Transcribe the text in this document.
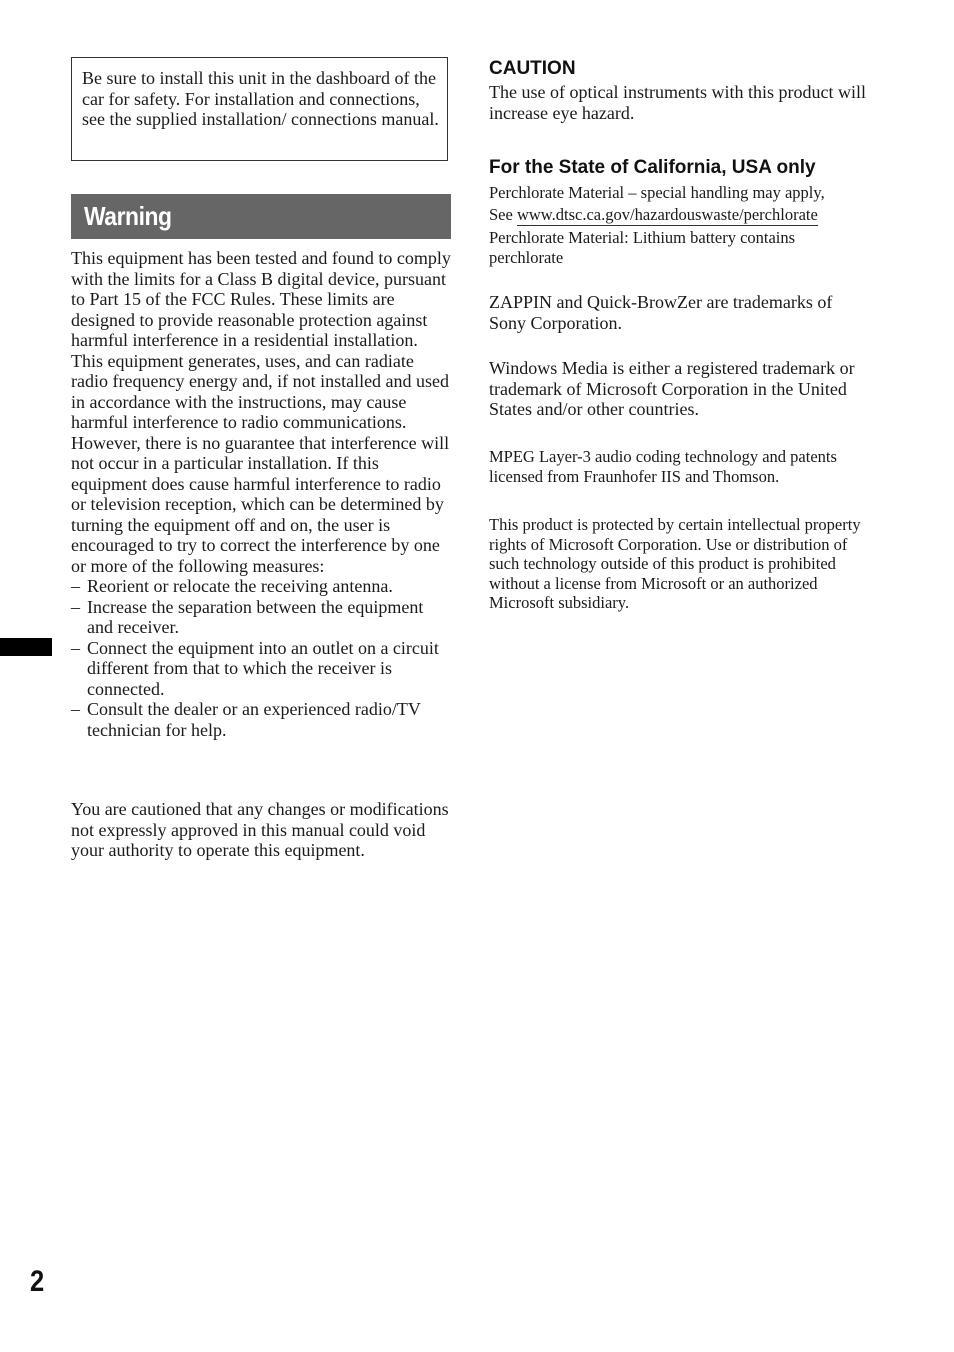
Be sure to install this unit in the dashboard of the car for safety. For installation and connections, see the supplied installation/ connections manual.

Warning

This equipment has been tested and found to comply with the limits for a Class B digital device, pursuant to Part 15 of the FCC Rules. These limits are designed to provide reasonable protection against harmful interference in a residential installation. This equipment generates, uses, and can radiate radio frequency energy and, if not installed and used in accordance with the instructions, may cause harmful interference to radio communications. However, there is no guarantee that interference will not occur in a particular installation. If this equipment does cause harmful interference to radio or television reception, which can be determined by turning the equipment off and on, the user is encouraged to try to correct the interference by one or more of the following measures:

– Reorient or relocate the receiving antenna.
– Increase the separation between the equipment and receiver.
– Connect the equipment into an outlet on a circuit different from that to which the receiver is connected.
– Consult the dealer or an experienced radio/TV technician for help.

You are cautioned that any changes or modifications not expressly approved in this manual could void your authority to operate this equipment.

2
CAUTION

The use of optical instruments with this product will increase eye hazard.

For the State of California, USA only

Perchlorate Material – special handling may apply,

See www.dtsc.ca.gov/hazardouswaste/perchlorate

Perchlorate Material: Lithium battery contains perchlorate

ZAPPIN and Quick-BrowZer are trademarks of Sony Corporation.

Windows Media is either a registered trademark or trademark of Microsoft Corporation in the United States and/or other countries.

MPEG Layer-3 audio coding technology and patents licensed from Fraunhofer IIS and Thomson.

This product is protected by certain intellectual property rights of Microsoft Corporation. Use or distribution of such technology outside of this product is prohibited without a license from Microsoft or an authorized Microsoft subsidiary.
